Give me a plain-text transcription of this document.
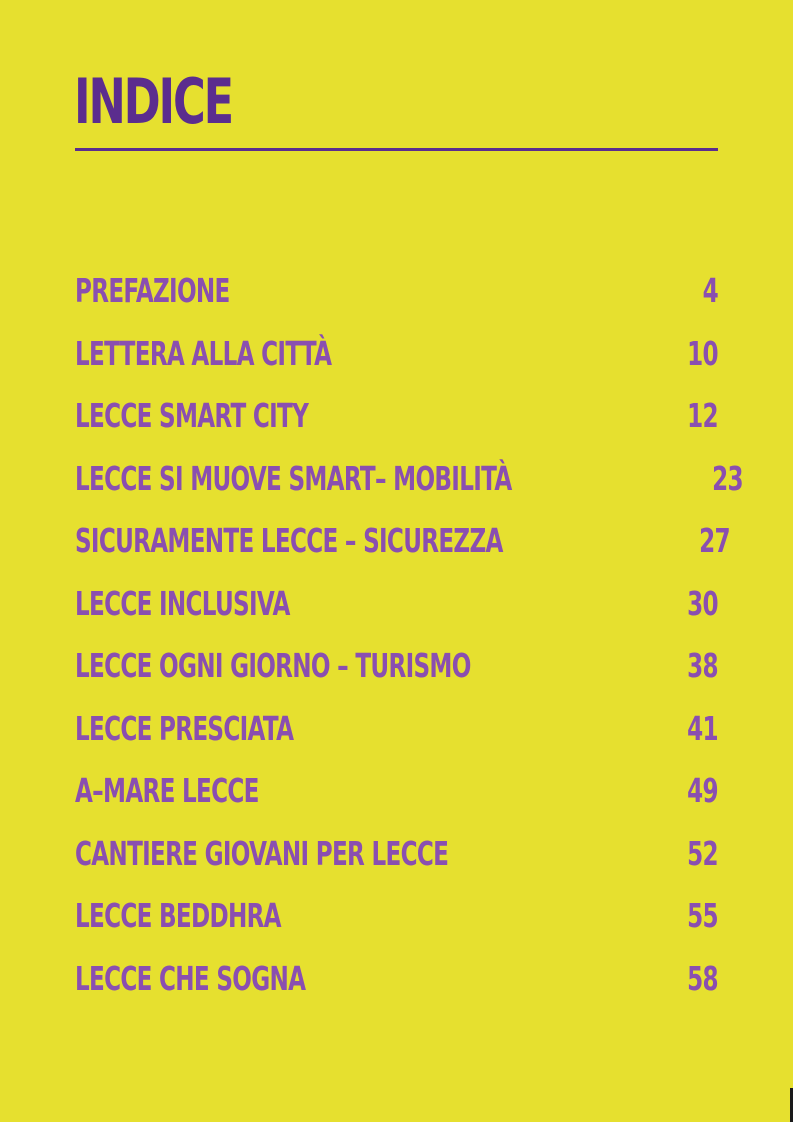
INDICE
PREFAZIONE	4
LETTERA ALLA CITTÀ	10
LECCE SMART CITY	12
LECCE SI MUOVE SMART– MOBILITÀ	23
SICURAMENTE LECCE – SICUREZZA	27
LECCE INCLUSIVA	30
LECCE OGNI GIORNO – TURISMO	38
LECCE PRESCIATA	41
A–MARE LECCE	49
CANTIERE GIOVANI PER LECCE	52
LECCE BEDDHRA	55
LECCE CHE SOGNA	58
